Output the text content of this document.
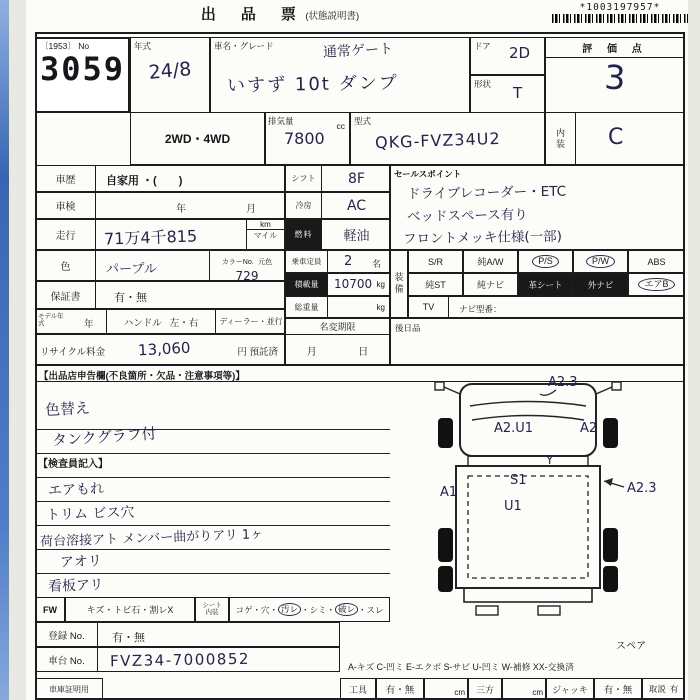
出　品　票 (状態説明書)
*1003197957*
〔1953〕 No
3059
年式
24/8
車名・グレード	通常ゲート
いすず 10t ダンプ
ドア 2D
形状 T
評 価 点
3
2WD・4WD
排気量
7800
cc 型式
QKG-FVZ34U2	内装	C
車歴	自家用 ・(　　)
車検	年	月
走行	71万4千815
km
マイル
色	パープル	カラーNo. 元色
729
保証書	有・無
モデル年式	年	ハンドル 左・右	ディーラー・並行
リサイクル料金 13,060	円 預託済
シフト	8F
冷房	AC
燃料	軽油
乗車定員	2 名
積載量	10700 kg
総重量	kg
名変期限
月	日
セールスポイント
ドライブレコーダー・ETC
ベッドスペース有り
フロントメッキ仕様(一部)
装備
S/R	純A/W	P/S	P/W	ABS
純ST	純ナビ	革シート	外ナビ	エアB
TV	ナビ型番：
後日品
【出品店申告欄(不良箇所・欠品・注意事項等)】
色替え
タンクグラフ付
【検査員記入】
エアもれ
トリム ビス穴
荷台溶接アト メンバー曲がりアリ 1ヶ
アオリ
看板アリ
FW	キズ・トビ石・割レX	シート
内装	コゲ・穴・ 汚レ ・シミ・ 破レ ・スレ
登録 No.	有・無
車台 No.	FVZ34-7000852
A2.3
A2.U1	A2
Y
A1
S1
U1
A2.3
スペア
A-キズ C-凹ミ E-エクボ S-サビ U-凹ミ W-補修 XX-交換済
車庫証明用	工具	有・無	cm	三方	cm	ジャッキ	有・無	取説 有
